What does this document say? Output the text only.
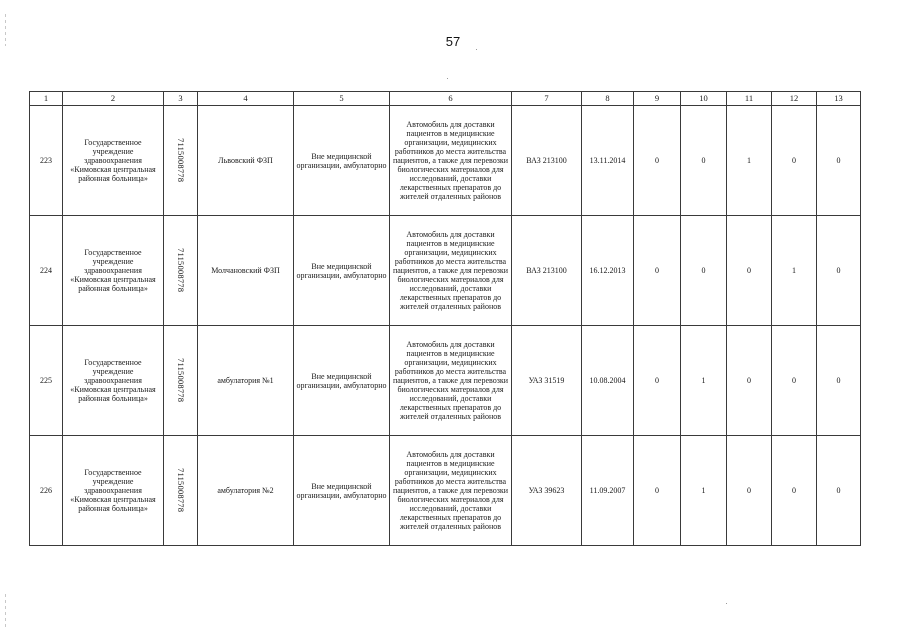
57
1	2	3	4	5	6	7	8	9	10	11	12	13
223	Государственное учреждение здравоохранения «Кимовская центральная районная больница»	7115008778	Львовский ФЗП	Вне медицинской организации, амбулаторно	Автомобиль для доставки пациентов в медицинские организации, медицинских работников до места жительства пациентов, а также для перевозки биологических материалов для исследований, доставки лекарственных препаратов до жителей отдаленных районов	ВАЗ 213100	13.11.2014	0	0	1	0	0
224	Государственное учреждение здравоохранения «Кимовская центральная районная больница»	7115008778	Молчановский ФЗП	Вне медицинской организации, амбулаторно	Автомобиль для доставки пациентов в медицинские организации, медицинских работников до места жительства пациентов, а также для перевозки биологических материалов для исследований, доставки лекарственных препаратов до жителей отдаленных районов	ВАЗ 213100	16.12.2013	0	0	0	1	0
225	Государственное учреждение здравоохранения «Кимовская центральная районная больница»	7115008778	амбулатория №1	Вне медицинской организации, амбулаторно	Автомобиль для доставки пациентов в медицинские организации, медицинских работников до места жительства пациентов, а также для перевозки биологических материалов для исследований, доставки лекарственных препаратов до жителей отдаленных районов	УАЗ 31519	10.08.2004	0	1	0	0	0
226	Государственное учреждение здравоохранения «Кимовская центральная районная больница»	7115008778	амбулатория №2	Вне медицинской организации, амбулаторно	Автомобиль для доставки пациентов в медицинские организации, медицинских работников до места жительства пациентов, а также для перевозки биологических материалов для исследований, доставки лекарственных препаратов до жителей отдаленных районов	УАЗ 39623	11.09.2007	0	1	0	0	0
